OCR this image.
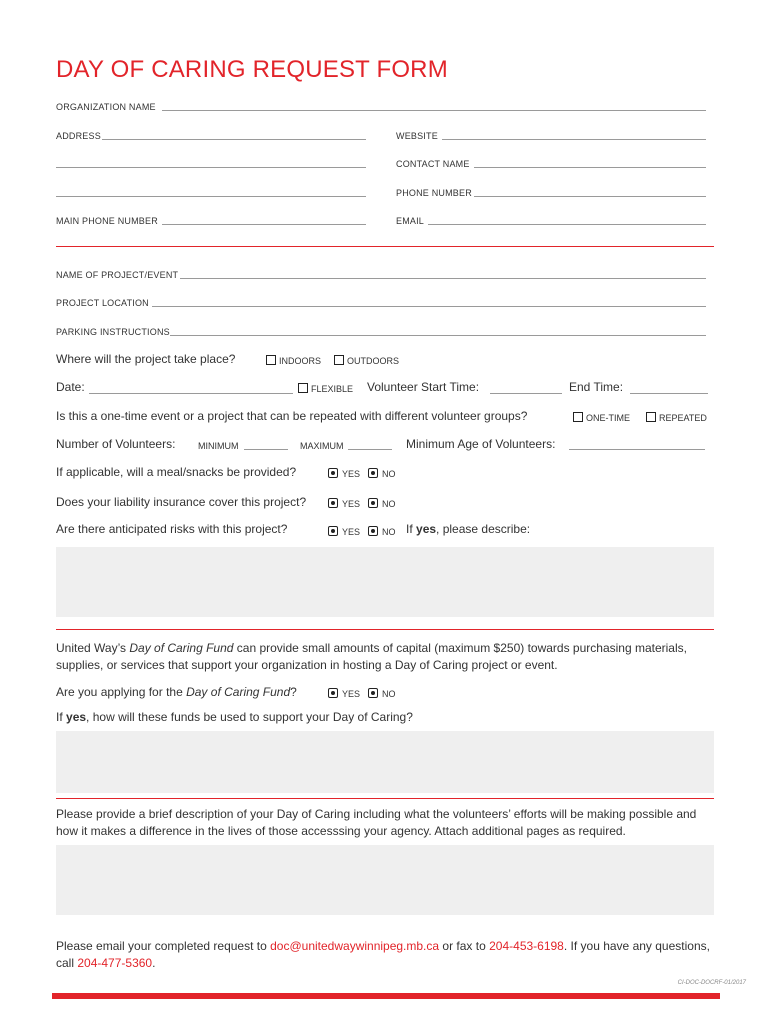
DAY OF CARING REQUEST FORM
ORGANIZATION NAME
ADDRESS	WEBSITE
CONTACT NAME
PHONE NUMBER
MAIN PHONE NUMBER	EMAIL
NAME OF PROJECT/EVENT
PROJECT LOCATION
PARKING INSTRUCTIONS
Where will the project take place?	INDOORS	OUTDOORS
Date:	FLEXIBLE Volunteer Start Time:	End Time:
Is this a one-time event or a project that can be repeated with different volunteer groups?	ONE-TIME	REPEATED
Number of Volunteers:	MINIMUM	MAXIMUM	Minimum Age of Volunteers:
If applicable, will a meal/snacks be provided?	YES	NO
Does your liability insurance cover this project?	YES	NO
Are there anticipated risks with this project?	YES	NO If yes, please describe:
United Way’s Day of Caring Fund can provide small amounts of capital (maximum $250) towards purchasing materials, supplies, or services that support your organization in hosting a Day of Caring project or event.
Are you applying for the Day of Caring Fund?	YES	NO
If yes, how will these funds be used to support your Day of Caring?
Please provide a brief description of your Day of Caring including what the volunteers’ efforts will be making possible and how it makes a difference in the lives of those accesssing your agency. Attach additional pages as required.
Please email your completed request to doc@unitedwaywinnipeg.mb.ca or fax to 204-453-6198. If you have any questions, call 204-477-5360.
CI-DOC-DOCRF-01/2017
